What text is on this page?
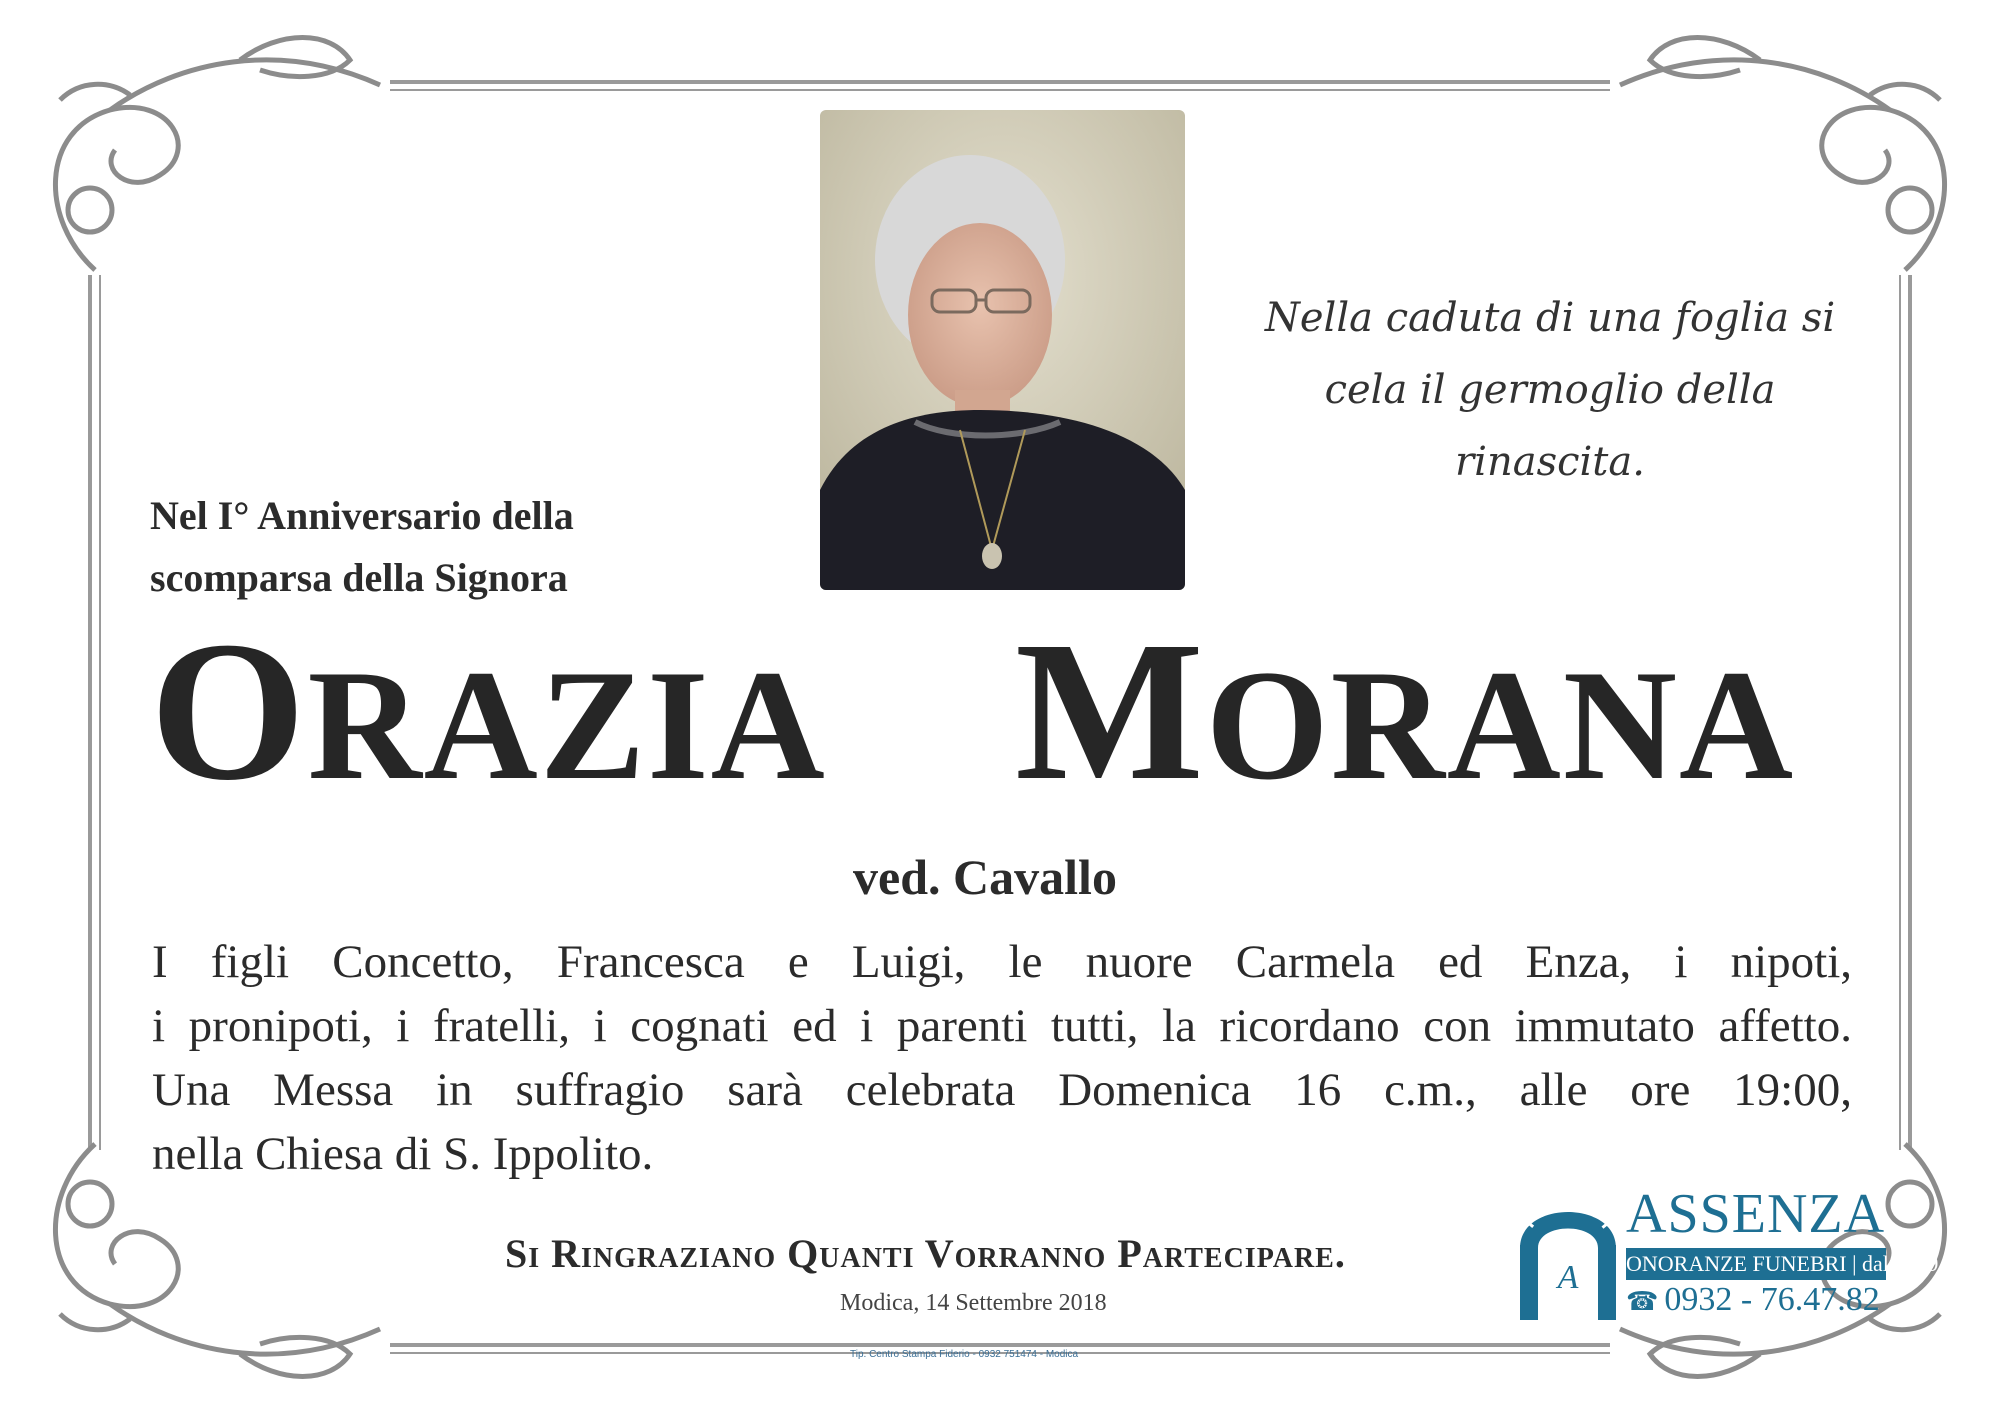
Nella caduta di una foglia si
cela il germoglio della rinascita.
Nel I° Anniversario della
scomparsa della Signora
ORAZIA MORANA
ved. Cavallo
I figli Concetto, Francesca e Luigi, le nuore Carmela ed Enza, i nipoti,
i pronipoti, i fratelli, i cognati ed i parenti tutti, la ricordano con immutato affetto.
Una Messa in suffragio sarà celebrata Domenica 16 c.m., alle ore 19:00,
nella Chiesa di S. Ippolito.
Si Ringraziano Quanti Vorranno Partecipare.
Modica, 14 Settembre 2018
Tip. Centro Stampa Fiderio - 0932 751474 - Modica
A
ASSENZA
ONORANZE FUNEBRI | dal 1989
☎ 0932 - 76.47.82
